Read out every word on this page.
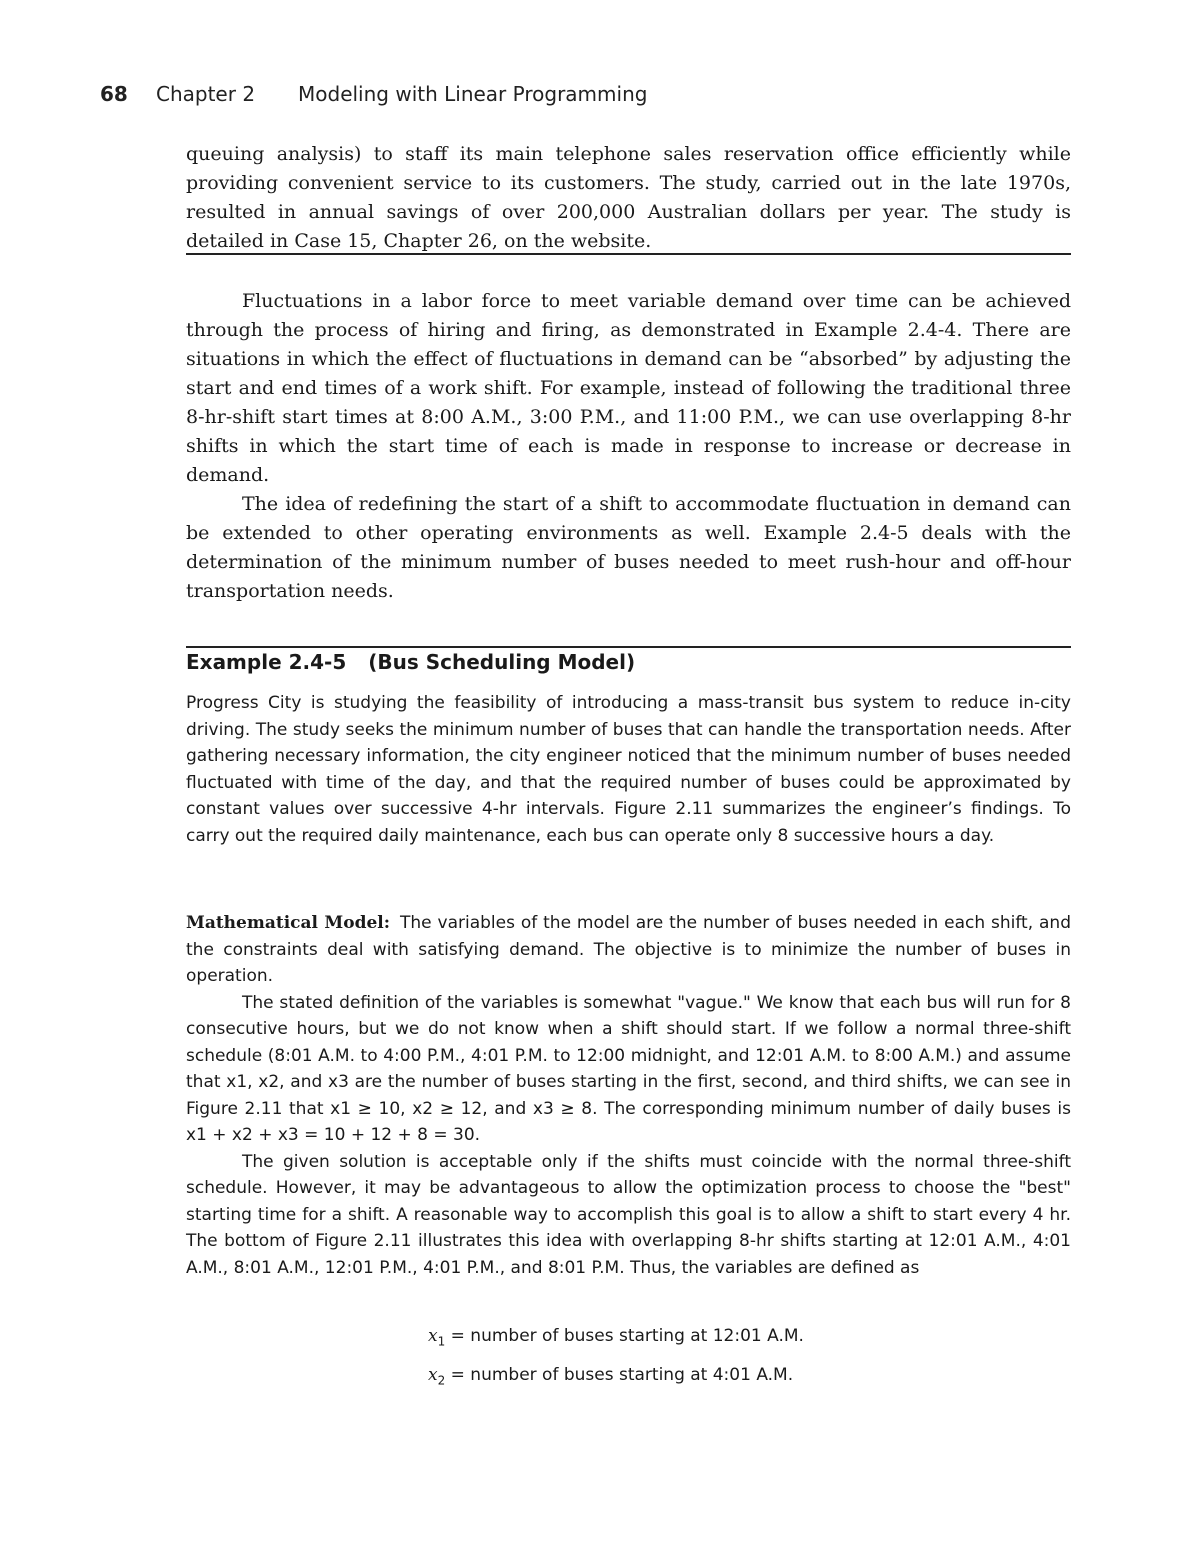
68 Chapter 2 Modeling with Linear Programming

queuing analysis) to staff its main telephone sales reservation office efficiently while providing convenient service to its customers. The study, carried out in the late 1970s, resulted in annual savings of over 200,000 Australian dollars per year. The study is detailed in Case 15, Chapter 26, on the website.

Fluctuations in a labor force to meet variable demand over time can be achieved through the process of hiring and firing, as demonstrated in Example 2.4-4. There are situations in which the effect of fluctuations in demand can be “absorbed” by adjusting the start and end times of a work shift. For example, instead of following the traditional three 8-hr-shift start times at 8:00 A.M., 3:00 P.M., and 11:00 P.M., we can use overlapping 8-hr shifts in which the start time of each is made in response to increase or decrease in demand.

The idea of redefining the start of a shift to accommodate fluctuation in demand can be extended to other operating environments as well. Example 2.4-5 deals with the determination of the minimum number of buses needed to meet rush-hour and off-hour transportation needs.

Example 2.4-5 (Bus Scheduling Model)

Progress City is studying the feasibility of introducing a mass-transit bus system to reduce in-city driving. The study seeks the minimum number of buses that can handle the transportation needs. After gathering necessary information, the city engineer noticed that the minimum number of buses needed fluctuated with time of the day, and that the required number of buses could be approximated by constant values over successive 4-hr intervals. Figure 2.11 summarizes the engineer’s findings. To carry out the required daily maintenance, each bus can operate only 8 successive hours a day.

Mathematical Model: The variables of the model are the number of buses needed in each shift, and the constraints deal with satisfying demand. The objective is to minimize the number of buses in operation.

The stated definition of the variables is somewhat "vague." We know that each bus will run for 8 consecutive hours, but we do not know when a shift should start. If we follow a normal three-shift schedule (8:01 A.M. to 4:00 P.M., 4:01 P.M. to 12:00 midnight, and 12:01 A.M. to 8:00 A.M.) and assume that x1, x2, and x3 are the number of buses starting in the first, second, and third shifts, we can see in Figure 2.11 that x1 ≥ 10, x2 ≥ 12, and x3 ≥ 8. The corresponding minimum number of daily buses is x1 + x2 + x3 = 10 + 12 + 8 = 30.

The given solution is acceptable only if the shifts must coincide with the normal three-shift schedule. However, it may be advantageous to allow the optimization process to choose the "best" starting time for a shift. A reasonable way to accomplish this goal is to allow a shift to start every 4 hr. The bottom of Figure 2.11 illustrates this idea with overlapping 8-hr shifts starting at 12:01 A.M., 4:01 A.M., 8:01 A.M., 12:01 P.M., 4:01 P.M., and 8:01 P.M. Thus, the variables are defined as

$x_1$ = number of buses starting at 12:01 A.M.
$x_2$ = number of buses starting at 4:01 A.M.
